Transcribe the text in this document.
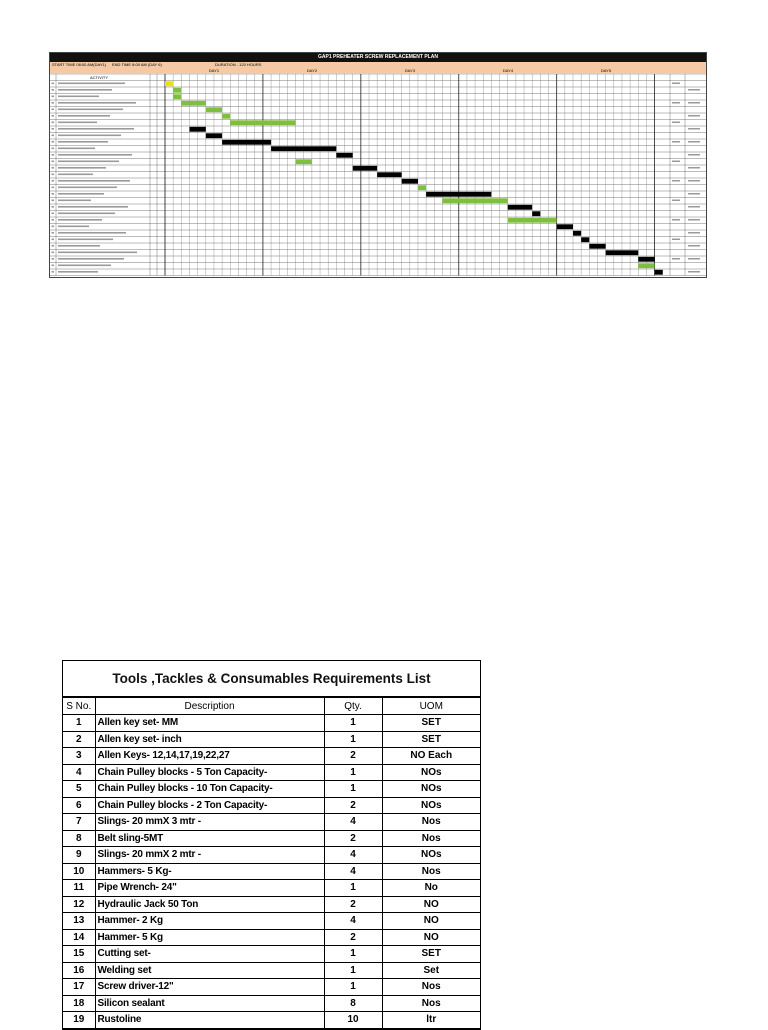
GAP1 PREHEATER SCREW REPLACEMENT PLAN
START TIME 08:00 AM(DAY1) END TIME 8:00 AM (DAY 6)	DURATION - 120 HOURS
DAY1	DAY2	DAY3	DAY4	DAY5
ACTIVITY
Tools ,Tackles & Consumables Requirements List
S No.	Description	Qty.	UOM
1	Allen key set- MM	1	SET
2	Allen key set- inch	1	SET
3	Allen Keys- 12,14,17,19,22,27	2	NO Each
4	Chain Pulley blocks - 5 Ton Capacity-	1	NOs
5	Chain Pulley blocks - 10 Ton Capacity-	1	NOs
6	Chain Pulley blocks - 2 Ton Capacity-	2	NOs
7	Slings- 20 mmX 3 mtr -	4	Nos
8	Belt sling-5MT	2	Nos
9	Slings- 20 mmX 2 mtr -	4	NOs
10	Hammers- 5 Kg-	4	Nos
11	Pipe Wrench- 24"	1	No
12	Hydraulic Jack 50 Ton	2	NO
13	Hammer- 2 Kg	4	NO
14	Hammer- 5 Kg	2	NO
15	Cutting set-	1	SET
16	Welding set	1	Set
17	Screw driver-12"	1	Nos
18	Silicon sealant	8	Nos
19	Rustoline	10	ltr
